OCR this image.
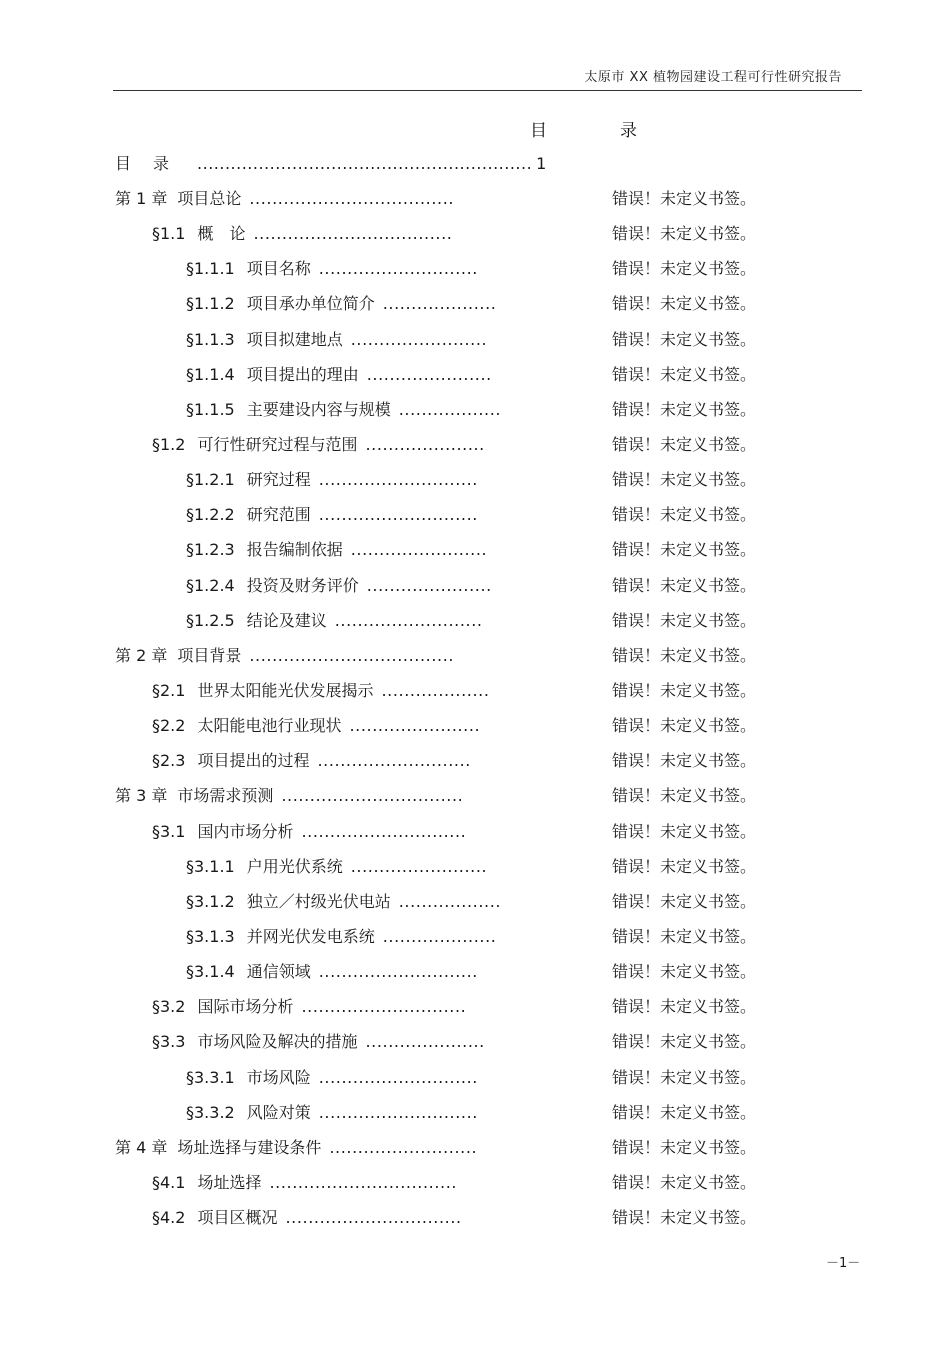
太原市 XX 植物园建设工程可行性研究报告
目　录
目录 ............................................................ 1
第 1 章 项目总论 ....................................	错误！未定义书签。
§1.1 概　论 ...................................	错误！未定义书签。
§1.1.1 项目名称 ............................	错误！未定义书签。
§1.1.2 项目承办单位简介 ....................	错误！未定义书签。
§1.1.3 项目拟建地点 ........................	错误！未定义书签。
§1.1.4 项目提出的理由 ......................	错误！未定义书签。
§1.1.5 主要建设内容与规模 ..................	错误！未定义书签。
§1.2 可行性研究过程与范围 .....................	错误！未定义书签。
§1.2.1 研究过程 ............................	错误！未定义书签。
§1.2.2 研究范围 ............................	错误！未定义书签。
§1.2.3 报告编制依据 ........................	错误！未定义书签。
§1.2.4 投资及财务评价 ......................	错误！未定义书签。
§1.2.5 结论及建议 ..........................	错误！未定义书签。
第 2 章 项目背景 ....................................	错误！未定义书签。
§2.1 世界太阳能光伏发展揭示 ...................	错误！未定义书签。
§2.2 太阳能电池行业现状 .......................	错误！未定义书签。
§2.3 项目提出的过程 ...........................	错误！未定义书签。
第 3 章 市场需求预测 ................................	错误！未定义书签。
§3.1 国内市场分析 .............................	错误！未定义书签。
§3.1.1 户用光伏系统 ........................	错误！未定义书签。
§3.1.2 独立／村级光伏电站 ..................	错误！未定义书签。
§3.1.3 并网光伏发电系统 ....................	错误！未定义书签。
§3.1.4 通信领域 ............................	错误！未定义书签。
§3.2 国际市场分析 .............................	错误！未定义书签。
§3.3 市场风险及解决的措施 .....................	错误！未定义书签。
§3.3.1 市场风险 ............................	错误！未定义书签。
§3.3.2 风险对策 ............................	错误！未定义书签。
第 4 章 场址选择与建设条件 ..........................	错误！未定义书签。
§4.1 场址选择 .................................	错误！未定义书签。
§4.2 项目区概况 ...............................	错误！未定义书签。
－1－
